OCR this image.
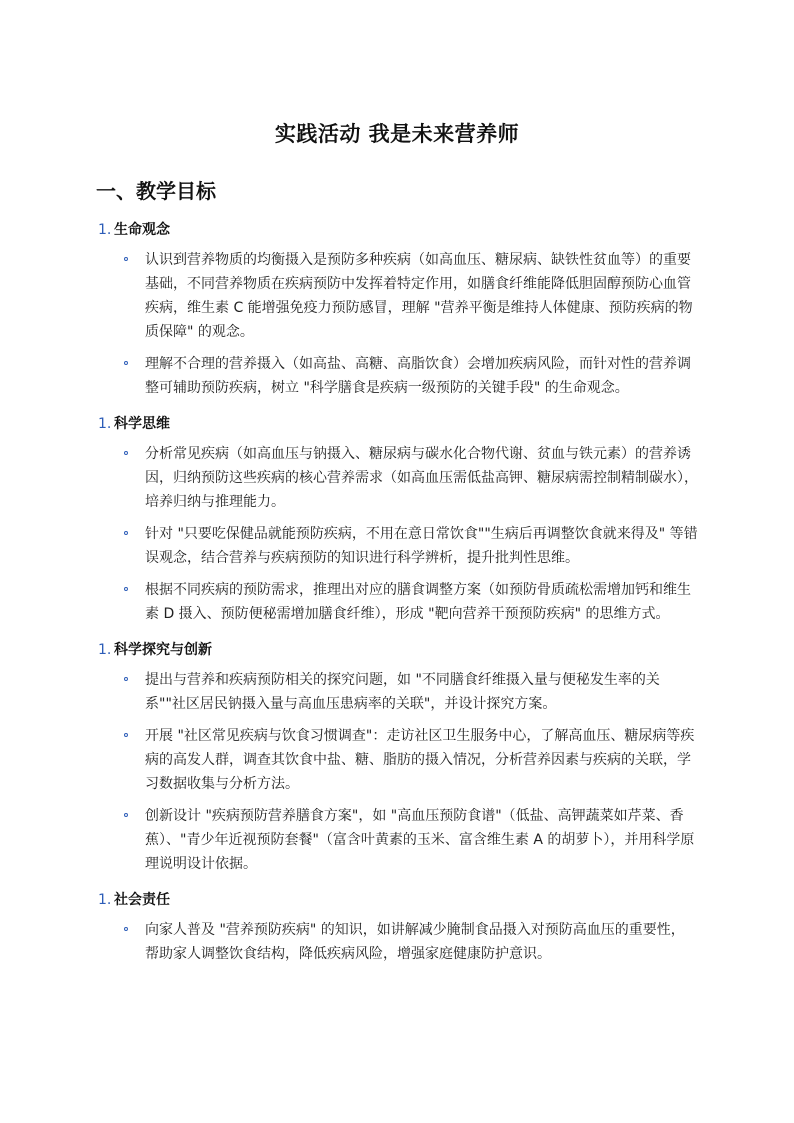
实践活动 我是未来营养师
一、教学目标
1. 生命观念
认识到营养物质的均衡摄入是预防多种疾病（如高血压、糖尿病、缺铁性贫血等）的重要基础，不同营养物质在疾病预防中发挥着特定作用，如膳食纤维能降低胆固醇预防心血管疾病，维生素 C 能增强免疫力预防感冒，理解 "营养平衡是维持人体健康、预防疾病的物质保障" 的观念。
理解不合理的营养摄入（如高盐、高糖、高脂饮食）会增加疾病风险，而针对性的营养调整可辅助预防疾病，树立 "科学膳食是疾病一级预防的关键手段" 的生命观念。
1. 科学思维
分析常见疾病（如高血压与钠摄入、糖尿病与碳水化合物代谢、贫血与铁元素）的营养诱因，归纳预防这些疾病的核心营养需求（如高血压需低盐高钾、糖尿病需控制精制碳水），培养归纳与推理能力。
针对 "只要吃保健品就能预防疾病，不用在意日常饮食""生病后再调整饮食就来得及" 等错误观念，结合营养与疾病预防的知识进行科学辨析，提升批判性思维。
根据不同疾病的预防需求，推理出对应的膳食调整方案（如预防骨质疏松需增加钙和维生素 D 摄入、预防便秘需增加膳食纤维），形成 "靶向营养干预预防疾病" 的思维方式。
1. 科学探究与创新
提出与营养和疾病预防相关的探究问题，如 "不同膳食纤维摄入量与便秘发生率的关系""社区居民钠摄入量与高血压患病率的关联"，并设计探究方案。
开展 "社区常见疾病与饮食习惯调查"：走访社区卫生服务中心，了解高血压、糖尿病等疾病的高发人群，调查其饮食中盐、糖、脂肪的摄入情况，分析营养因素与疾病的关联，学习数据收集与分析方法。
创新设计 "疾病预防营养膳食方案"，如 "高血压预防食谱"（低盐、高钾蔬菜如芹菜、香蕉）、"青少年近视预防套餐"（富含叶黄素的玉米、富含维生素 A 的胡萝卜），并用科学原理说明设计依据。
1. 社会责任
向家人普及 "营养预防疾病" 的知识，如讲解减少腌制食品摄入对预防高血压的重要性，帮助家人调整饮食结构，降低疾病风险，增强家庭健康防护意识。
